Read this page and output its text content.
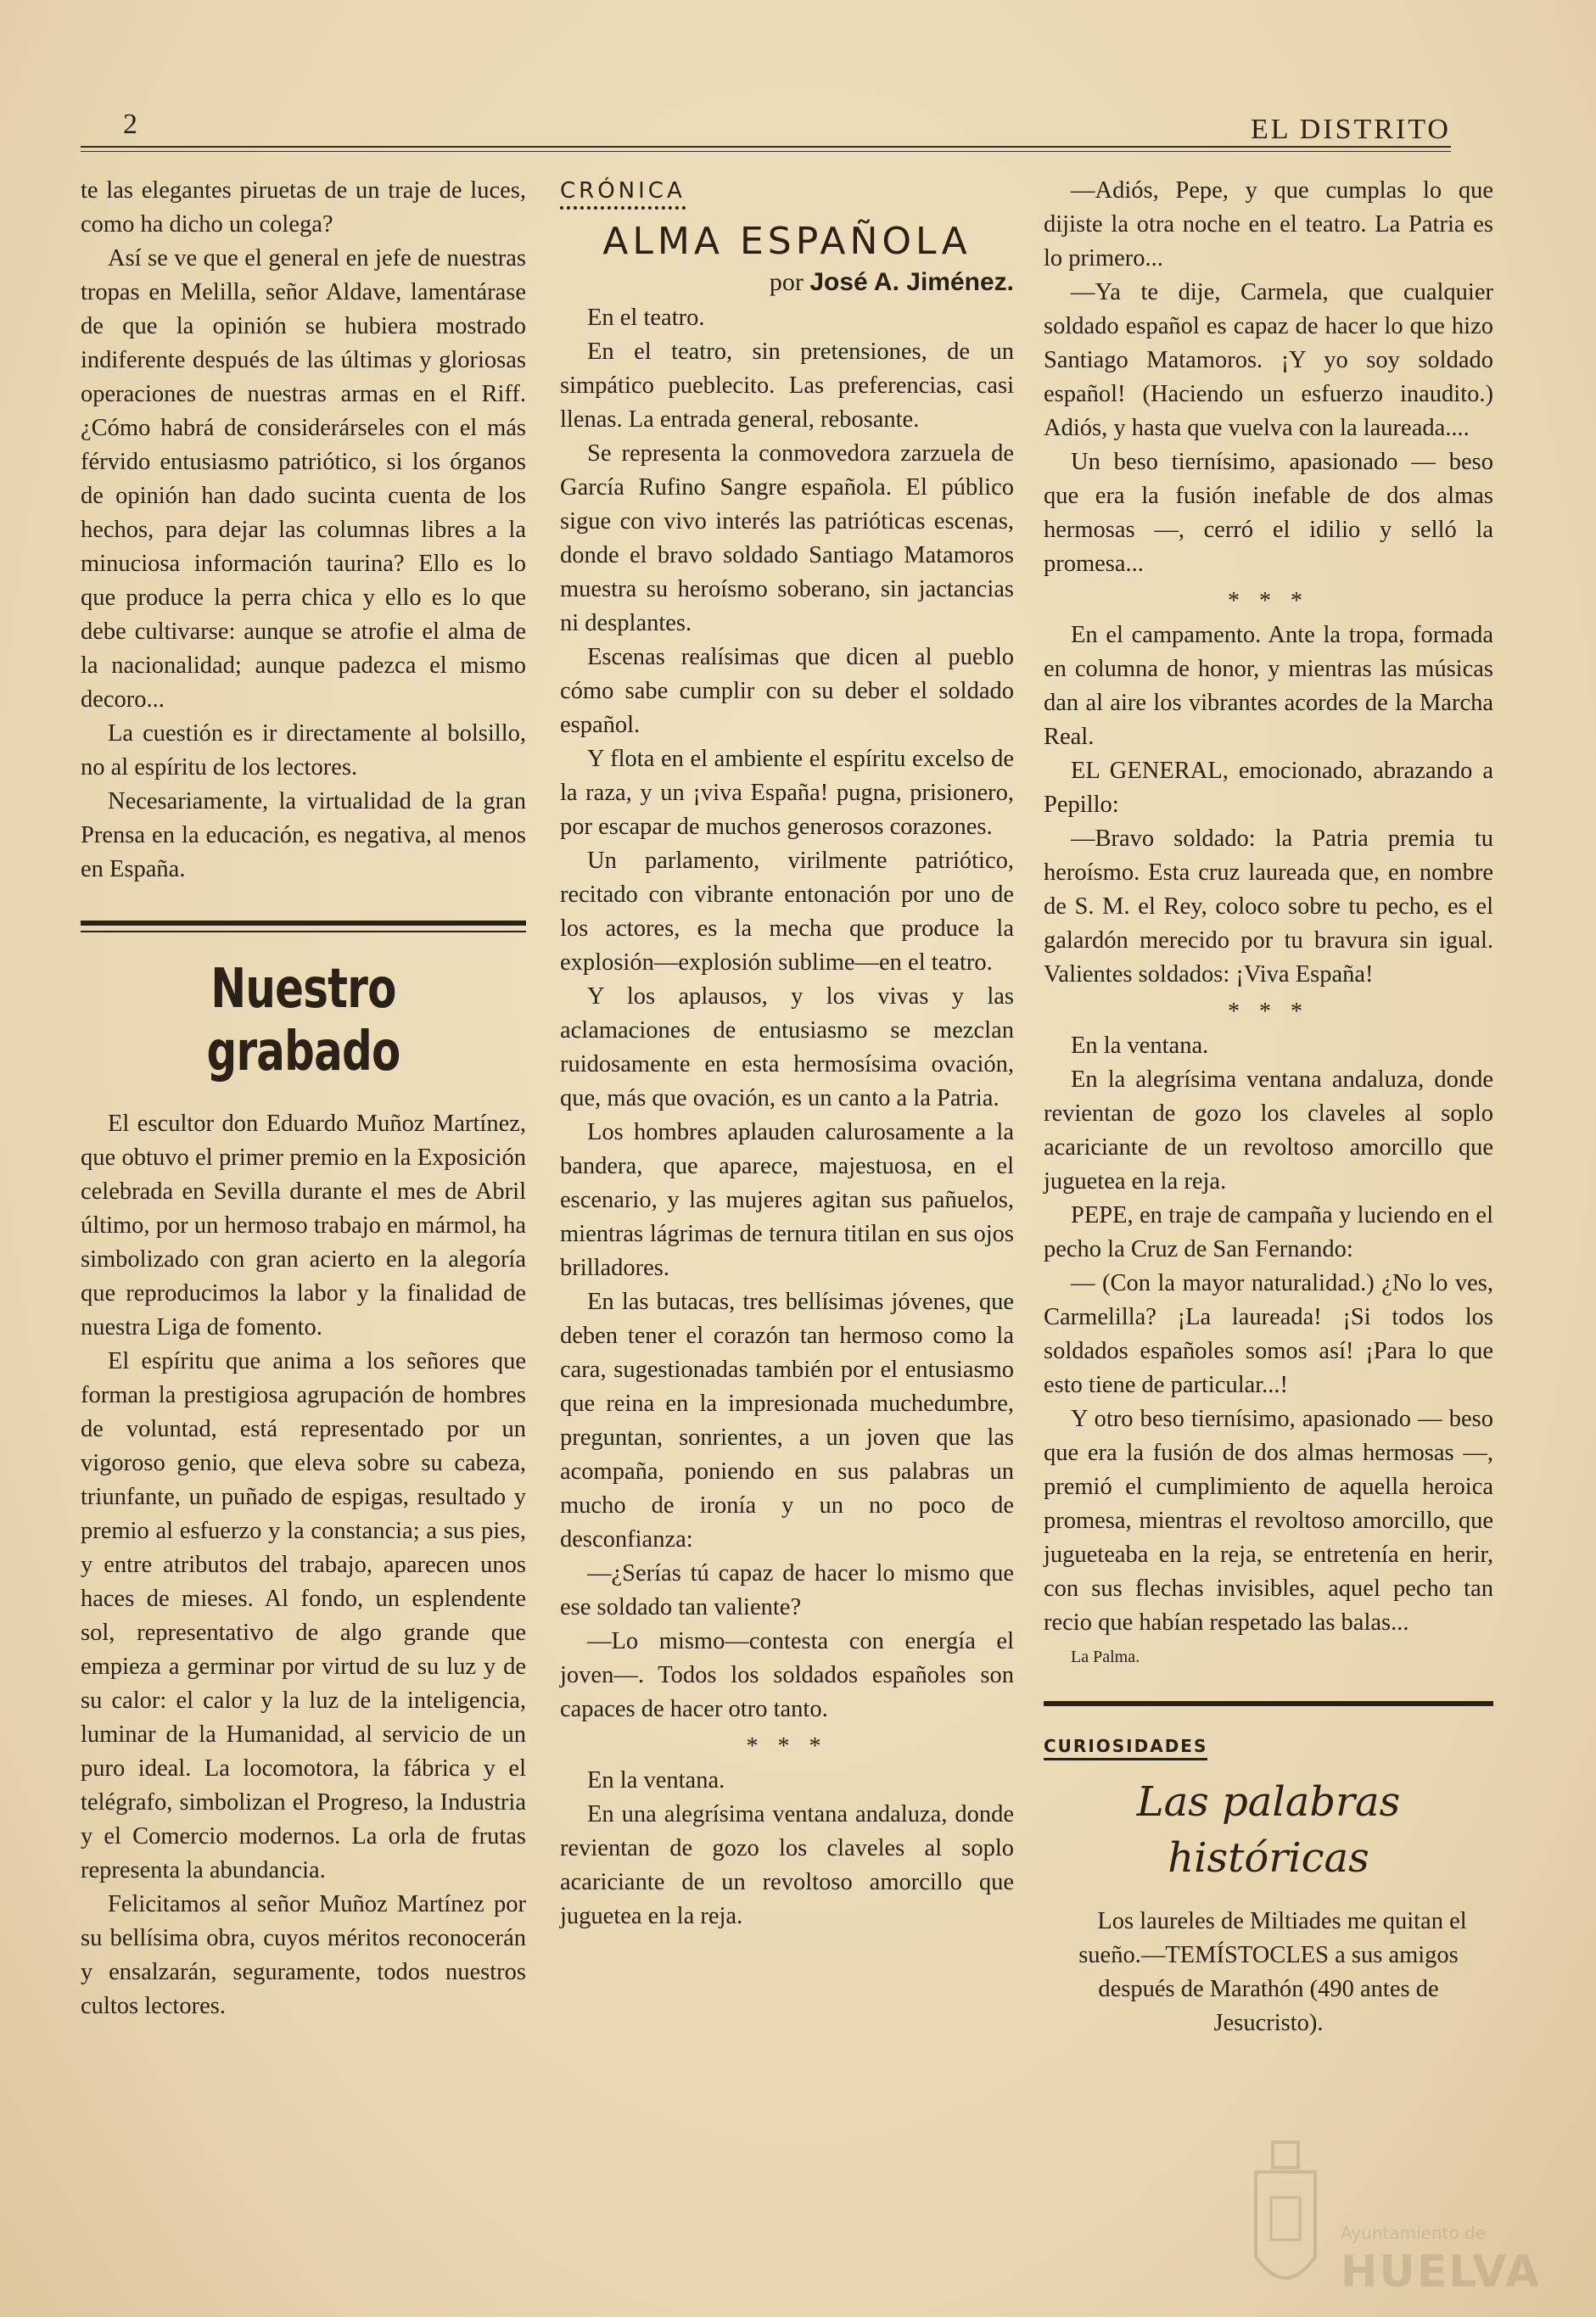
2	EL DISTRITO

te las elegantes piruetas de un traje de luces, como ha dicho un colega?

Así se ve que el general en jefe de nuestras tropas en Melilla, señor Aldave, lamentárase de que la opinión se hubiera mostrado indiferente después de las últimas y gloriosas operaciones de nuestras armas en el Riff. ¿Cómo habrá de considerárseles con el más férvido entusiasmo patriótico, si los órganos de opinión han dado sucinta cuenta de los hechos, para dejar las columnas libres a la minuciosa información taurina? Ello es lo que produce la perra chica y ello es lo que debe cultivarse: aunque se atrofie el alma de la nacionalidad; aunque padezca el mismo decoro...

La cuestión es ir directamente al bolsillo, no al espíritu de los lectores.

Necesariamente, la virtualidad de la gran Prensa en la educación, es negativa, al menos en España.

Nuestro grabado

El escultor don Eduardo Muñoz Martínez, que obtuvo el primer premio en la Exposición celebrada en Sevilla durante el mes de Abril último, por un hermoso trabajo en mármol, ha simbolizado con gran acierto en la alegoría que reproducimos la labor y la finalidad de nuestra Liga de fomento.

El espíritu que anima a los señores que forman la prestigiosa agrupación de hombres de voluntad, está representado por un vigoroso genio, que eleva sobre su cabeza, triunfante, un puñado de espigas, resultado y premio al esfuerzo y la constancia; a sus pies, y entre atributos del trabajo, aparecen unos haces de mieses. Al fondo, un esplendente sol, representativo de algo grande que empieza a germinar por virtud de su luz y de su calor: el calor y la luz de la inteligencia, luminar de la Humanidad, al servicio de un puro ideal. La locomotora, la fábrica y el telégrafo, simbolizan el Progreso, la Industria y el Comercio modernos. La orla de frutas representa la abundancia.

Felicitamos al señor Muñoz Martínez por su bellísima obra, cuyos méritos reconocerán y ensalzarán, seguramente, todos nuestros cultos lectores.

CRÓNICA
ALMA ESPAÑOLA
por José A. Jiménez.

En el teatro.

En el teatro, sin pretensiones, de un simpático pueblecito. Las preferencias, casi llenas. La entrada general, rebosante.

Se representa la conmovedora zarzuela de García Rufino Sangre española. El público sigue con vivo interés las patrióticas escenas, donde el bravo soldado Santiago Matamoros muestra su heroísmo soberano, sin jactancias ni desplantes.

Escenas realísimas que dicen al pueblo cómo sabe cumplir con su deber el soldado español.

Y flota en el ambiente el espíritu excelso de la raza, y un ¡viva España! pugna, prisionero, por escapar de muchos generosos corazones.

Un parlamento, virilmente patriótico, recitado con vibrante entonación por uno de los actores, es la mecha que produce la explosión—explosión sublime—en el teatro.

Y los aplausos, y los vivas y las aclamaciones de entusiasmo se mezclan ruidosamente en esta hermosísima ovación, que, más que ovación, es un canto a la Patria.

Los hombres aplauden calurosamente a la bandera, que aparece, majestuosa, en el escenario, y las mujeres agitan sus pañuelos, mientras lágrimas de ternura titilan en sus ojos brilladores.

En las butacas, tres bellísimas jóvenes, que deben tener el corazón tan hermoso como la cara, sugestionadas también por el entusiasmo que reina en la impresionada muchedumbre, preguntan, sonrientes, a un joven que las acompaña, poniendo en sus palabras un mucho de ironía y un no poco de desconfianza:

—¿Serías tú capaz de hacer lo mismo que ese soldado tan valiente?

—Lo mismo—contesta con energía el joven—. Todos los soldados españoles son capaces de hacer otro tanto.

* * *

En la ventana.

En una alegrísima ventana andaluza, donde revientan de gozo los claveles al soplo acariciante de un revoltoso amorcillo que juguetea en la reja.

—Adiós, Pepe, y que cumplas lo que dijiste la otra noche en el teatro. La Patria es lo primero...

—Ya te dije, Carmela, que cualquier soldado español es capaz de hacer lo que hizo Santiago Matamoros. ¡Y yo soy soldado español! (Haciendo un esfuerzo inaudito.) Adiós, y hasta que vuelva con la laureada....

Un beso tiernísimo, apasionado — beso que era la fusión inefable de dos almas hermosas —, cerró el idilio y selló la promesa...

* * *

En el campamento. Ante la tropa, formada en columna de honor, y mientras las músicas dan al aire los vibrantes acordes de la Marcha Real.

EL GENERAL, emocionado, abrazando a Pepillo:

—Bravo soldado: la Patria premia tu heroísmo. Esta cruz laureada que, en nombre de S. M. el Rey, coloco sobre tu pecho, es el galardón merecido por tu bravura sin igual. Valientes soldados: ¡Viva España!

* * *

En la ventana.

En la alegrísima ventana andaluza, donde revientan de gozo los claveles al soplo acariciante de un revoltoso amorcillo que juguetea en la reja.

PEPE, en traje de campaña y luciendo en el pecho la Cruz de San Fernando:

— (Con la mayor naturalidad.) ¿No lo ves, Carmelilla? ¡La laureada! ¡Si todos los soldados españoles somos así! ¡Para lo que esto tiene de particular...!

Y otro beso tiernísimo, apasionado — beso que era la fusión de dos almas hermosas —, premió el cumplimiento de aquella heroica promesa, mientras el revoltoso amorcillo, que jugueteaba en la reja, se entretenía en herir, con sus flechas invisibles, aquel pecho tan recio que habían respetado las balas...

La Palma.

CURIOSIDADES
Las palabras históricas

Los laureles de Miltiades me quitan el sueño.—TEMÍSTOCLES a sus amigos después de Marathón (490 antes de Jesucristo).

Ayuntamiento de
HUELVA
